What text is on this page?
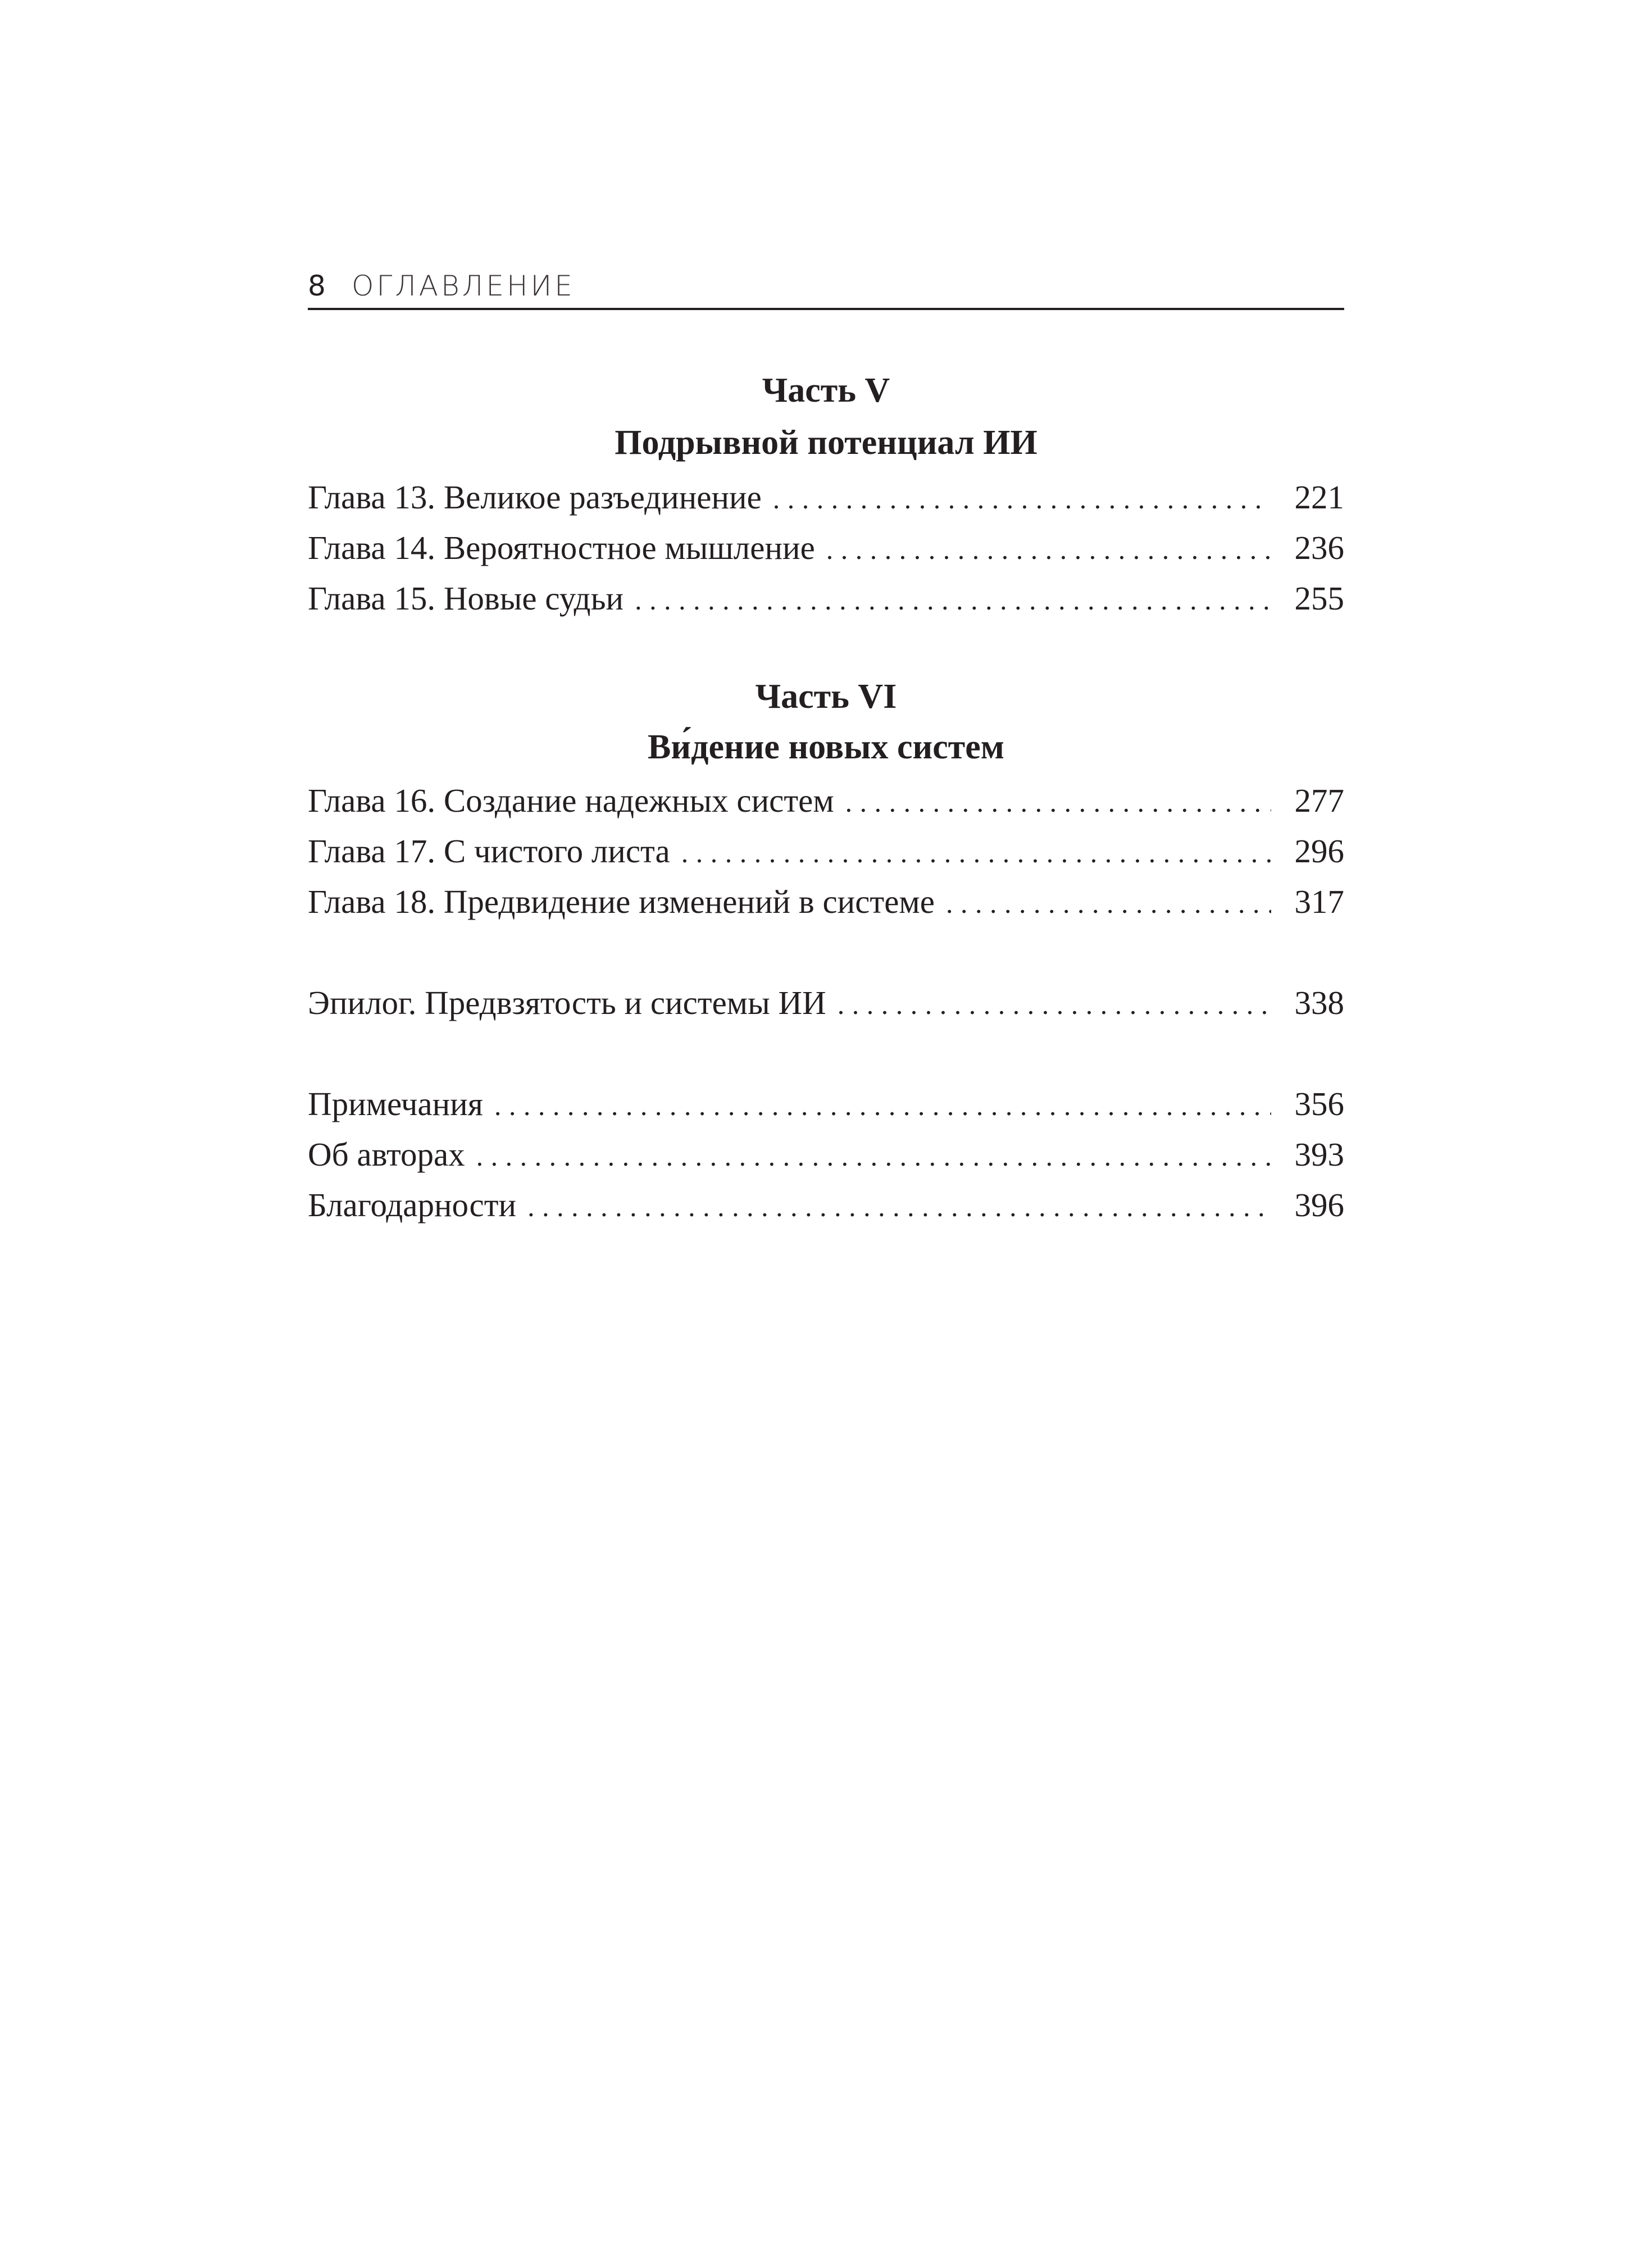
8 ОГЛАВЛЕНИЕ
Часть V
Подрывной потенциал ИИ
Глава 13. Великое разъединение . . .	221
Глава 14. Вероятностное мышление . . .	236
Глава 15. Новые судьи . . .	255
Часть VI
Ви́дение новых систем
Глава 16. Создание надежных систем . . .	277
Глава 17. С чистого листа . . .	296
Глава 18. Предвидение изменений в системе . . .	317
Эпилог. Предвзятость и системы ИИ . . .	338
Примечания . . .	356
Об авторах . . .	393
Благодарности . . .	396
